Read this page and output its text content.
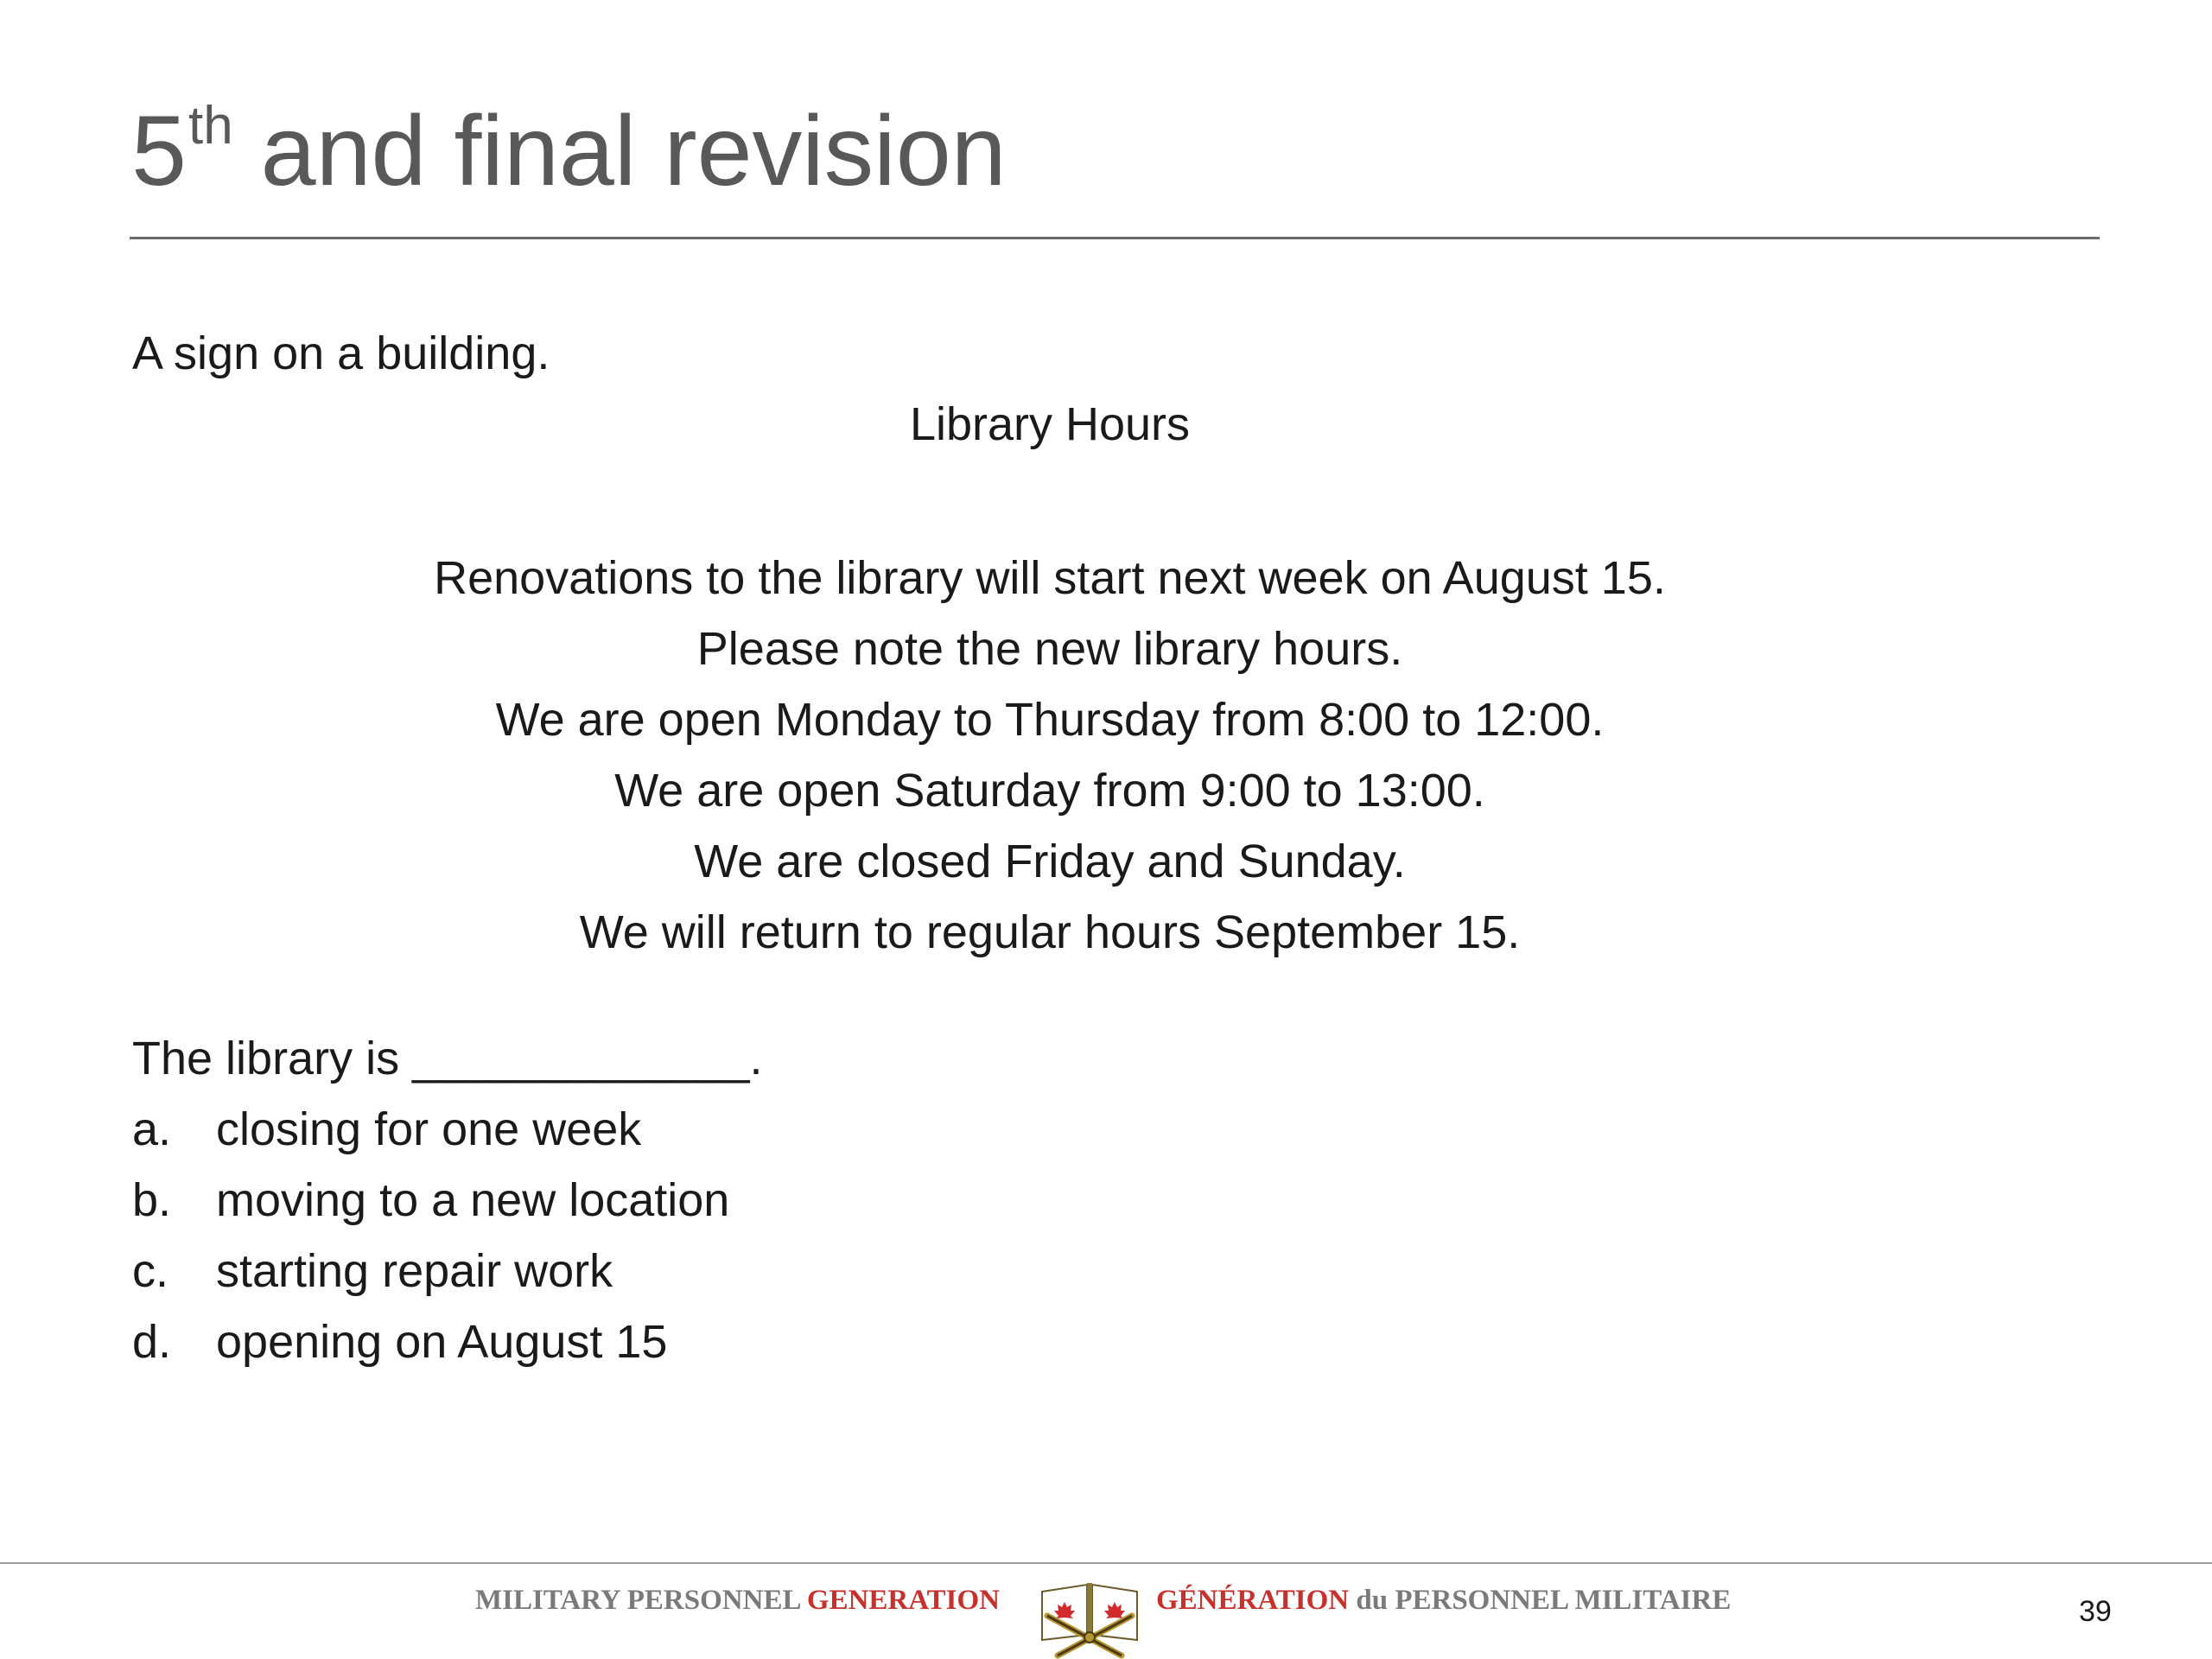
5th and final revision
A sign on a building.
Library Hours
Renovations to the library will start next week on August 15.
Please note the new library hours.
We are open Monday to Thursday from 8:00 to 12:00.
We are open Saturday from 9:00 to 13:00.
We are closed Friday and Sunday.
We will return to regular hours September 15.
The library is _____________.
a. closing for one week
b. moving to a new location
c.	starting repair work
d. opening on August 15
MILITARY PERSONNEL GENERATION	GÉNÉRATION du PERSONNEL MILITAIRE	39
